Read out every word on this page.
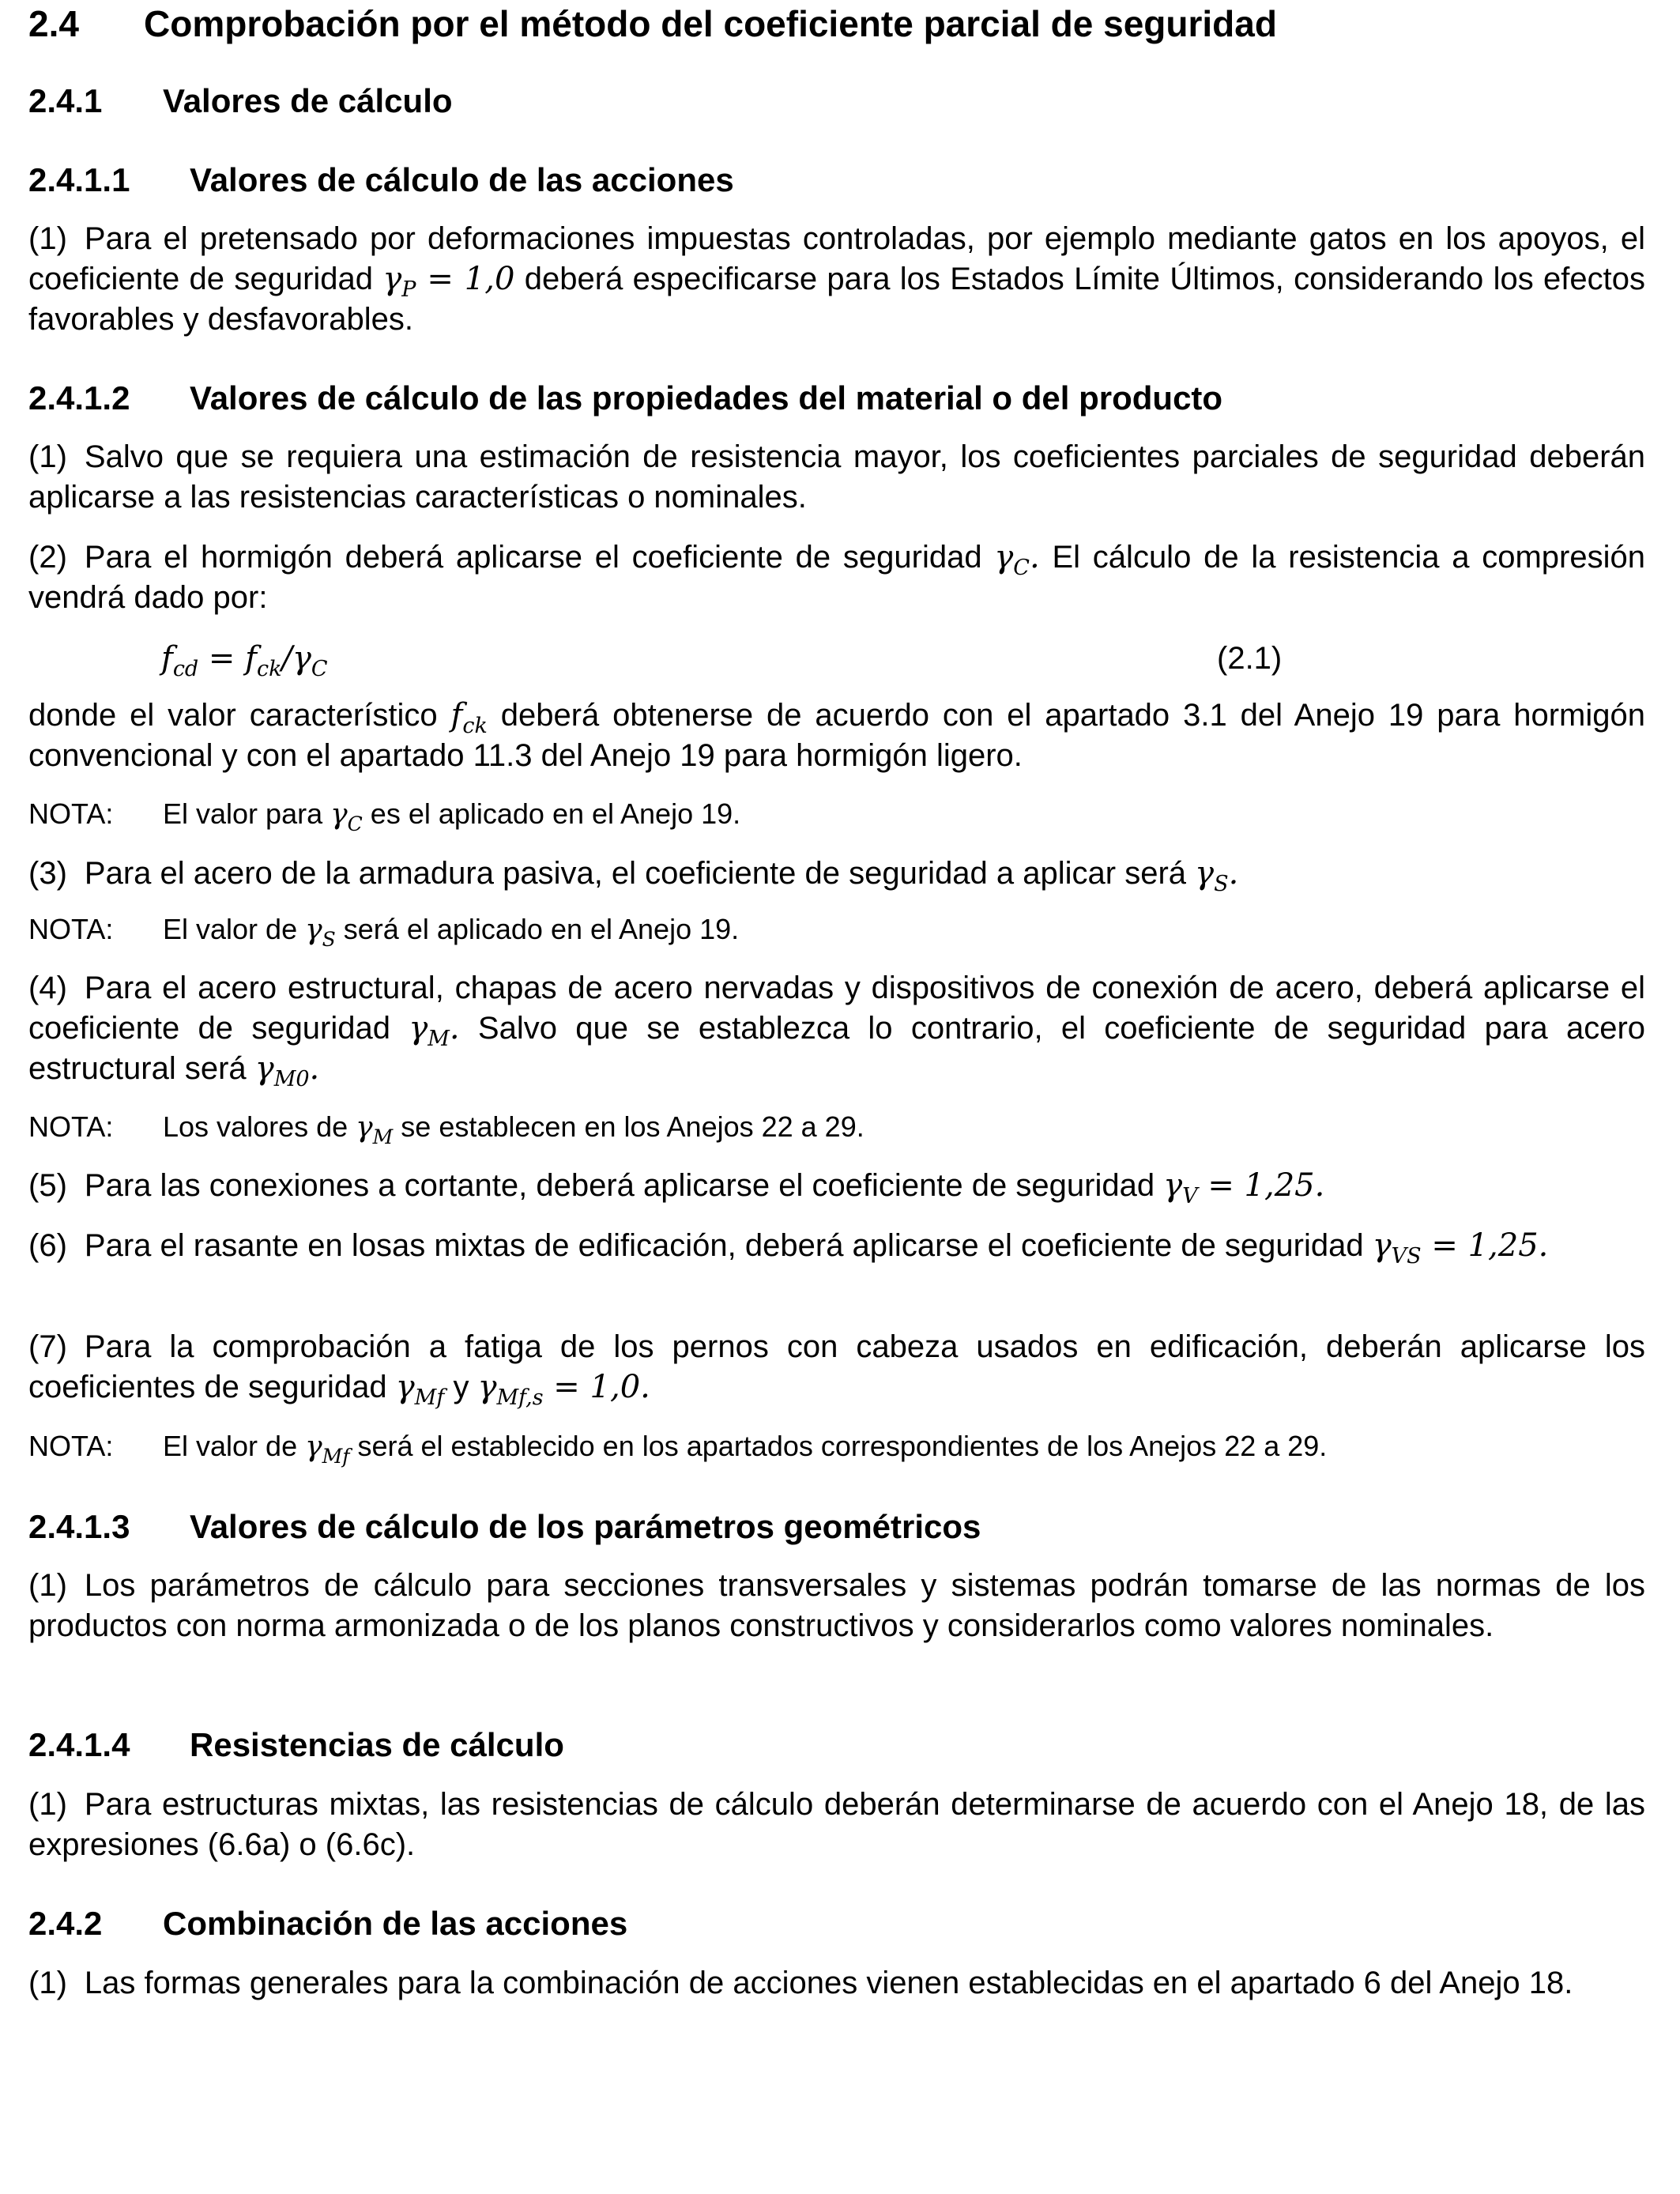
2.4 Comprobación por el método del coeficiente parcial de seguridad
2.4.1 Valores de cálculo
2.4.1.1 Valores de cálculo de las acciones

(1) Para el pretensado por deformaciones impuestas controladas, por ejemplo mediante gatos en los apoyos, el coeficiente de seguridad $\gamma_P = 1,0$ deberá especificarse para los Estados Límite Últimos, considerando los efectos favorables y desfavorables.

2.4.1.2 Valores de cálculo de las propiedades del material o del producto

(1) Salvo que se requiera una estimación de resistencia mayor, los coeficientes parciales de seguridad deberán aplicarse a las resistencias características o nominales.

(2) Para el hormigón deberá aplicarse el coeficiente de seguridad $\gamma_C$. El cálculo de la resistencia a compresión vendrá dado por:

$f_{cd} = f_{ck}/\gamma_C$	(2.1)

donde el valor característico $f_{ck}$ deberá obtenerse de acuerdo con el apartado 3.1 del Anejo 19 para hormigón convencional y con el apartado 11.3 del Anejo 19 para hormigón ligero.

NOTA: El valor para $\gamma_C$ es el aplicado en el Anejo 19.

(3) Para el acero de la armadura pasiva, el coeficiente de seguridad a aplicar será $\gamma_S$.

NOTA: El valor de $\gamma_S$ será el aplicado en el Anejo 19.

(4) Para el acero estructural, chapas de acero nervadas y dispositivos de conexión de acero, deberá aplicarse el coeficiente de seguridad $\gamma_M$. Salvo que se establezca lo contrario, el coeficiente de seguridad para acero estructural será $\gamma_{M0}$.

NOTA: Los valores de $\gamma_M$ se establecen en los Anejos 22 a 29.

(5) Para las conexiones a cortante, deberá aplicarse el coeficiente de seguridad $\gamma_V = 1,25$.

(6) Para el rasante en losas mixtas de edificación, deberá aplicarse el coeficiente de seguridad $\gamma_{VS} = 1,25$.

(7) Para la comprobación a fatiga de los pernos con cabeza usados en edificación, deberán aplicarse los coeficientes de seguridad $\gamma_{Mf}$ y $\gamma_{Mf,s} = 1,0$.

NOTA: El valor de $\gamma_{Mf}$ será el establecido en los apartados correspondientes de los Anejos 22 a 29.

2.4.1.3 Valores de cálculo de los parámetros geométricos

(1) Los parámetros de cálculo para secciones transversales y sistemas podrán tomarse de las normas de los productos con norma armonizada o de los planos constructivos y considerarlos como valores nominales.

2.4.1.4 Resistencias de cálculo

(1) Para estructuras mixtas, las resistencias de cálculo deberán determinarse de acuerdo con el Anejo 18, de las expresiones (6.6a) o (6.6c).

2.4.2 Combinación de las acciones

(1) Las formas generales para la combinación de acciones vienen establecidas en el apartado 6 del Anejo 18.
